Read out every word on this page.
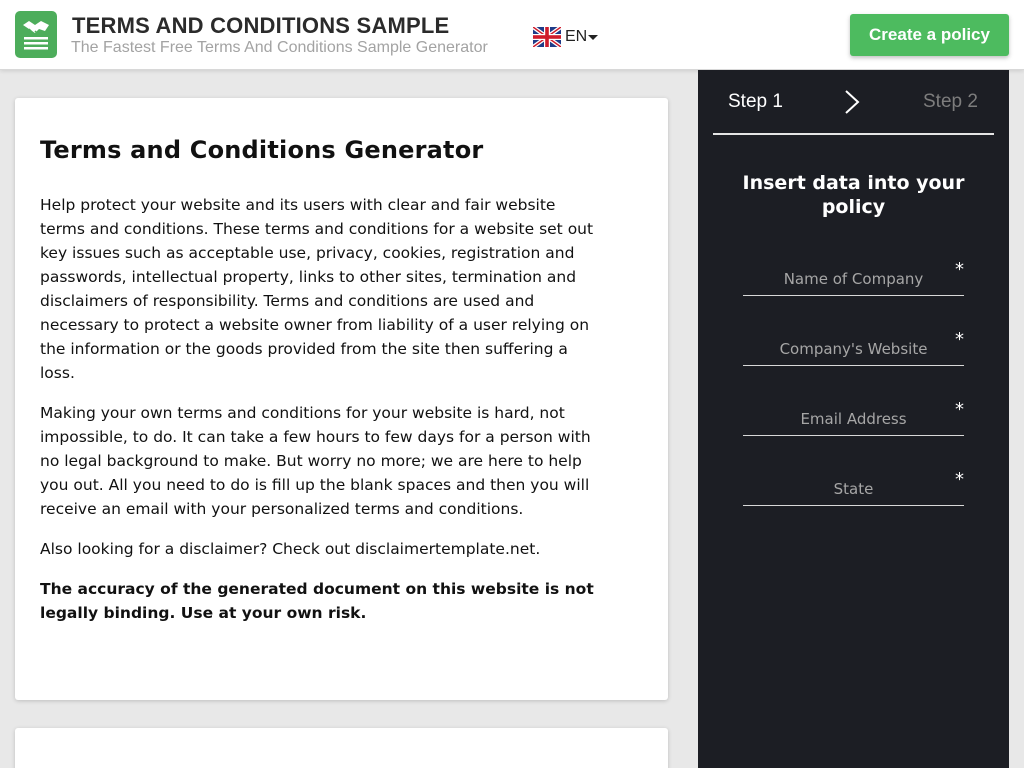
TERMS AND CONDITIONS SAMPLE
The Fastest Free Terms And Conditions Sample Generator
EN	Create a policy
Terms and Conditions Generator

Help protect your website and its users with clear and fair website terms and conditions. These terms and conditions for a website set out key issues such as acceptable use, privacy, cookies, registration and passwords, intellectual property, links to other sites, termination and disclaimers of responsibility. Terms and conditions are used and necessary to protect a website owner from liability of a user relying on the information or the goods provided from the site then suffering a loss.

Making your own terms and conditions for your website is hard, not impossible, to do. It can take a few hours to few days for a person with no legal background to make. But worry no more; we are here to help you out. All you need to do is fill up the blank spaces and then you will receive an email with your personalized terms and conditions.

Also looking for a disclaimer? Check out disclaimertemplate.net.

The accuracy of the generated document on this website is not legally binding. Use at your own risk.

Step 1	Step 2
Insert data into your policy
Name of Company
*
Company's Website
*
Email Address
*
State
*
